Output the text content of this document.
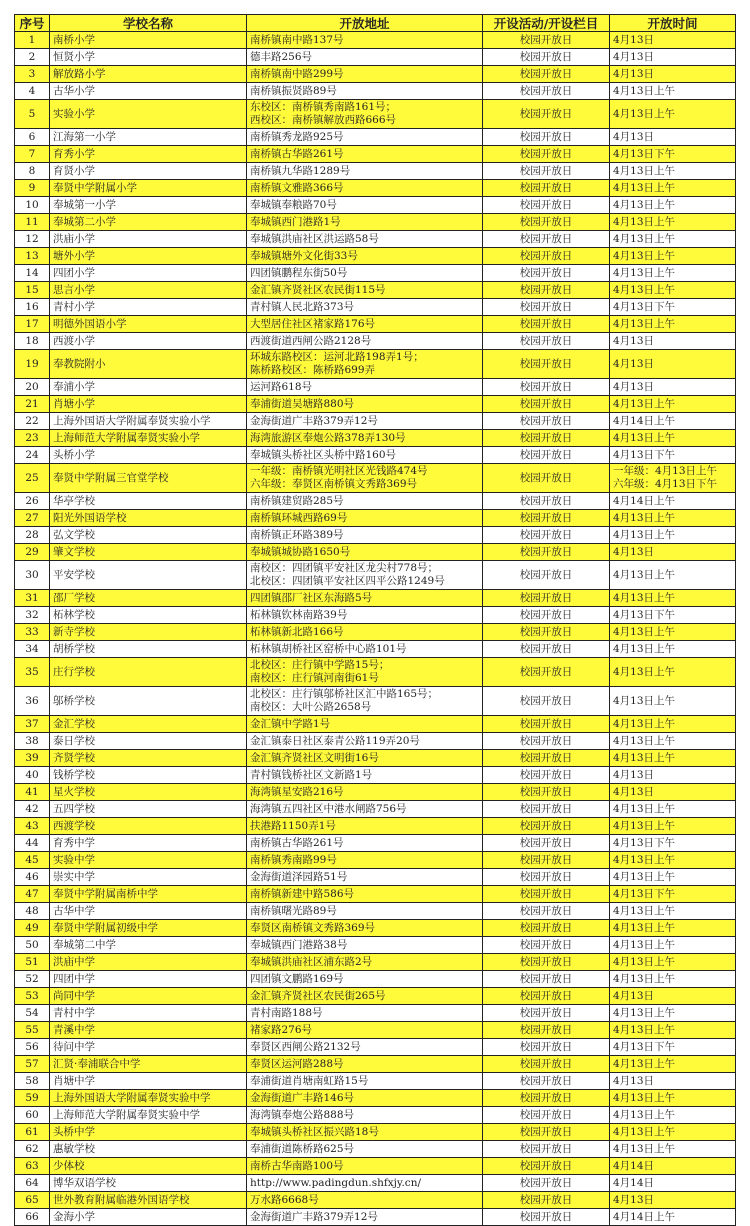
序号	学校名称	开放地址	开设活动/开设栏目	开放时间
1	南桥小学	南桥镇南中路137号	校园开放日	4月13日

2	恒贤小学	德丰路256号	校园开放日	4月13日

3	解放路小学	南桥镇南中路299号	校园开放日	4月13日

4	古华小学	南桥镇振贤路89号	校园开放日	4月13日上午

5	实验小学	东校区：南桥镇秀南路161号；
西校区：南桥镇解放西路666号	校园开放日	4月13日上午

6	江海第一小学	南桥镇秀龙路925号	校园开放日	4月13日

7	育秀小学	南桥镇古华路261号	校园开放日	4月13日下午

8	育贤小学	南桥镇九华路1289号	校园开放日	4月13日上午

9	奉贤中学附属小学	南桥镇文雅路366号	校园开放日	4月13日上午

10	奉城第一小学	奉城镇奉粮路70号	校园开放日	4月13日上午

11	奉城第二小学	奉城镇西门港路1号	校园开放日	4月13日上午

12	洪庙小学	奉城镇洪庙社区洪运路58号	校园开放日	4月13日上午

13	塘外小学	奉城镇塘外文化街33号	校园开放日	4月13日上午

14	四团小学	四团镇鹏程东街50号	校园开放日	4月13日上午

15	思言小学	金汇镇齐贤社区农民街115号	校园开放日	4月13日上午

16	青村小学	青村镇人民北路373号	校园开放日	4月13日下午

17	明德外国语小学	大型居住社区褚家路176号	校园开放日	4月13日上午

18	西渡小学	西渡街道西闸公路2128号	校园开放日	4月13日

19	奉教院附小	环城东路校区：运河北路198弄1号；
陈桥路校区：陈桥路699弄	校园开放日	4月13日

20	奉浦小学	运河路618号	校园开放日	4月13日

21	肖塘小学	奉浦街道吴塘路880号	校园开放日	4月13日上午

22	上海外国语大学附属奉贤实验小学	金海街道广丰路379弄12号	校园开放日	4月14日上午

23	上海师范大学附属奉贤实验小学	海湾旅游区奉炮公路378弄130号	校园开放日	4月13日上午

24	头桥小学	奉城镇头桥社区头桥中路160号	校园开放日	4月13日下午

25	奉贤中学附属三官堂学校	一年级：南桥镇光明社区光钱路474号
六年级：奉贤区南桥镇文秀路369号	校园开放日	一年级：4月13日上午
六年级：4月13日下午

26	华亭学校	南桥镇建贸路285号	校园开放日	4月14日上午

27	阳光外国语学校	南桥镇环城西路69号	校园开放日	4月13日上午

28	弘文学校	南桥镇正环路389号	校园开放日	4月13日上午

29	肇文学校	奉城镇城协路1650号	校园开放日	4月13日

30	平安学校	南校区：四团镇平安社区龙尖村778号；
北校区：四团镇平安社区四平公路1249号	校园开放日	4月13日上午

31	邵厂学校	四团镇邵厂社区东海路5号	校园开放日	4月13日上午

32	柘林学校	柘林镇钦林南路39号	校园开放日	4月13日下午

33	新寺学校	柘林镇新北路166号	校园开放日	4月13日上午

34	胡桥学校	柘林镇胡桥社区窑桥中心路101号	校园开放日	4月13日上午

35	庄行学校	北校区：庄行镇中学路15号；
南校区：庄行镇河南街61号	校园开放日	4月13日上午

36	邬桥学校	北校区：庄行镇邬桥社区汇中路165号；
南校区：大叶公路2658号	校园开放日	4月13日上午

37	金汇学校	金汇镇中学路1号	校园开放日	4月13日上午

38	泰日学校	金汇镇泰日社区泰青公路119弄20号	校园开放日	4月13日上午

39	齐贤学校	金汇镇齐贤社区文明街16号	校园开放日	4月13日上午

40	钱桥学校	青村镇钱桥社区文新路1号	校园开放日	4月13日

41	星火学校	海湾镇星安路216号	校园开放日	4月13日

42	五四学校	海湾镇五四社区中港水闸路756号	校园开放日	4月13日上午

43	西渡学校	扶港路1150弄1号	校园开放日	4月13日上午

44	育秀中学	南桥镇古华路261号	校园开放日	4月13日下午

45	实验中学	南桥镇秀南路99号	校园开放日	4月13日上午

46	崇实中学	金海街道泽园路51号	校园开放日	4月13日上午

47	奉贤中学附属南桥中学	南桥镇新建中路586号	校园开放日	4月13日下午

48	古华中学	南桥镇曙光路89号	校园开放日	4月13日上午

49	奉贤中学附属初级中学	奉贤区南桥镇文秀路369号	校园开放日	4月13日上午

50	奉城第二中学	奉城镇西门港路38号	校园开放日	4月13日上午

51	洪庙中学	奉城镇洪庙社区浦东路2号	校园开放日	4月13日上午

52	四团中学	四团镇文鹏路169号	校园开放日	4月13日上午

53	尚同中学	金汇镇齐贤社区农民街265号	校园开放日	4月13日

54	青村中学	青村南路188号	校园开放日	4月13日上午

55	青溪中学	褚家路276号	校园开放日	4月13日上午

56	待问中学	奉贤区西闸公路2132号	校园开放日	4月13日下午

57	汇贤·奉浦联合中学	奉贤区运河路288号	校园开放日	4月13日上午

58	肖塘中学	奉浦街道肖塘南虹路15号	校园开放日	4月13日

59	上海外国语大学附属奉贤实验中学	金海街道广丰路146号	校园开放日	4月13日上午

60	上海师范大学附属奉贤实验中学	海湾镇奉炮公路888号	校园开放日	4月13日上午

61	头桥中学	奉城镇头桥社区振兴路18号	校园开放日	4月13日上午

62	惠敏学校	奉浦街道陈桥路625号	校园开放日	4月13日上午

63	少体校	南桥古华南路100号	校园开放日	4月14日

64	博华双语学校	http://www.padingdun.shfxjy.cn/	校园开放日	4月14日

65	世外教育附属临港外国语学校	万水路6668号	校园开放日	4月13日

66	金海小学	金海街道广丰路379弄12号	校园开放日	4月14日上午
